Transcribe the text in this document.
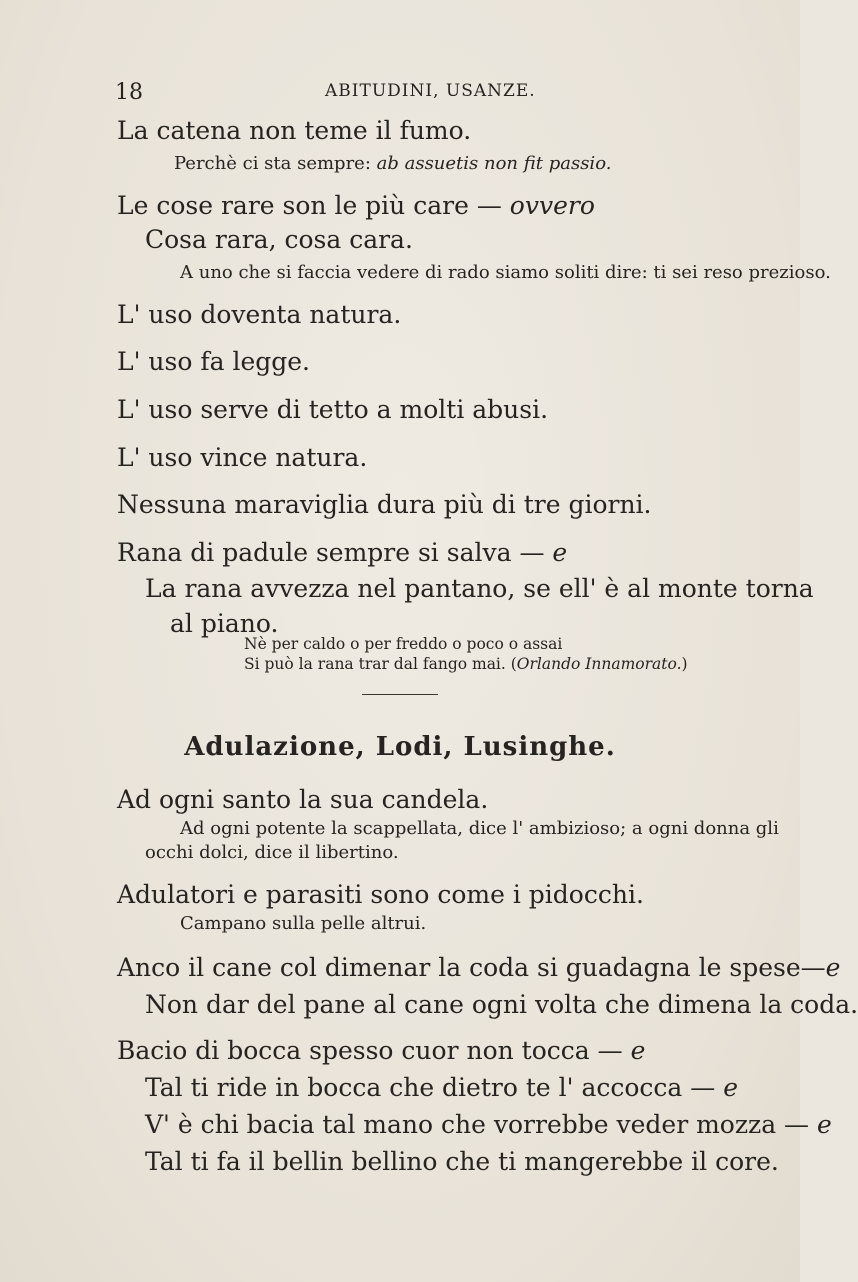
18	ABITUDINI, USANZE.
La catena non teme il fumo.
Perchè ci sta sempre: ab assuetis non fit passio.
Le cose rare son le più care — ovvero
Cosa rara, cosa cara.
A uno che si faccia vedere di rado siamo soliti dire: ti sei reso prezioso.
L' uso doventa natura.
L' uso fa legge.
L' uso serve di tetto a molti abusi.
L' uso vince natura.
Nessuna maraviglia dura più di tre giorni.
Rana di padule sempre si salva — e
La rana avvezza nel pantano, se ell' è al monte torna
al piano.
Nè per caldo o per freddo o poco o assai
Si può la rana trar dal fango mai. (Orlando Innamorato.)
Adulazione, Lodi, Lusinghe.
Ad ogni santo la sua candela.
Ad ogni potente la scappellata, dice l' ambizioso; a ogni donna gli
occhi dolci, dice il libertino.
Adulatori e parasiti sono come i pidocchi.
Campano sulla pelle altrui.
Anco il cane col dimenar la coda si guadagna le spese—e
Non dar del pane al cane ogni volta che dimena la coda.
Bacio di bocca spesso cuor non tocca — e
Tal ti ride in bocca che dietro te l' accocca — e
V' è chi bacia tal mano che vorrebbe veder mozza — e
Tal ti fa il bellin bellino che ti mangerebbe il core.
